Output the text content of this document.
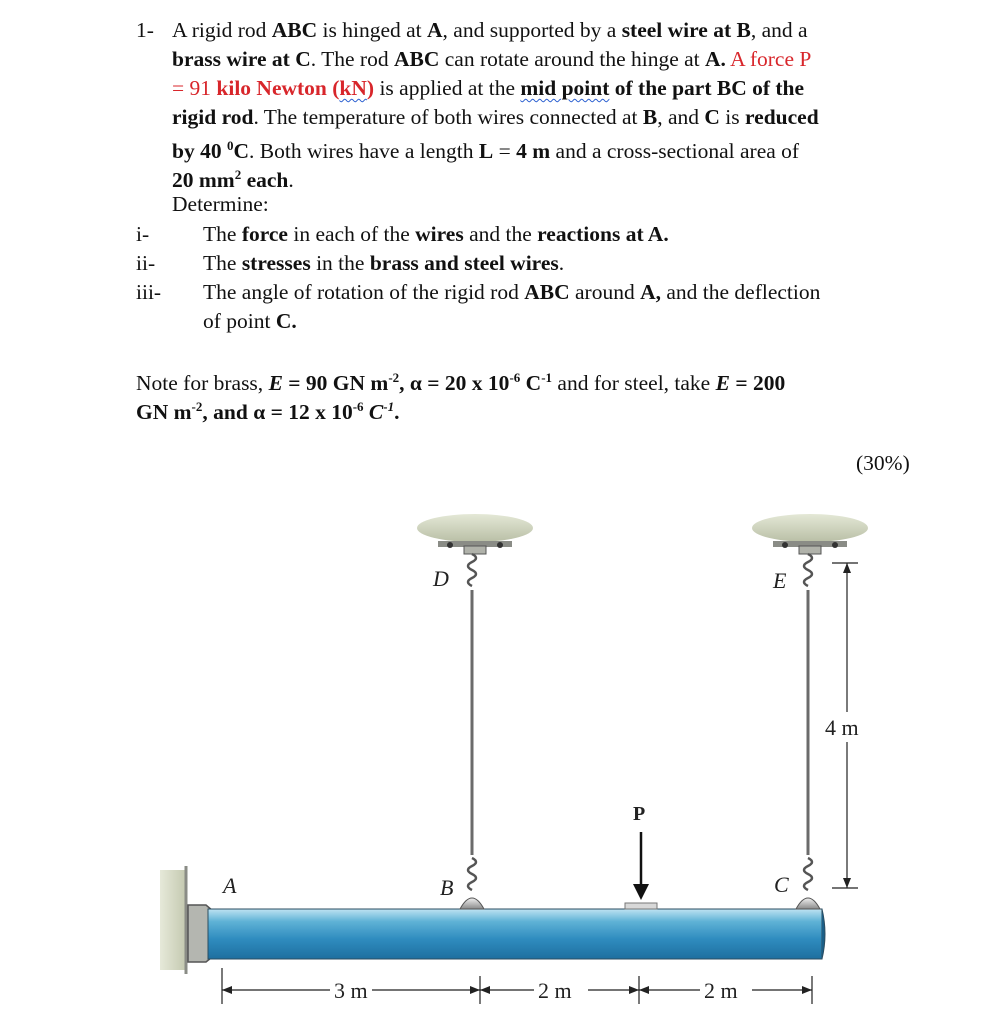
1- A rigid rod ABC is hinged at A, and supported by a steel wire at B, and a
brass wire at C. The rod ABC can rotate around the hinge at A. A force P
= 91 kilo Newton (kN) is applied at the mid point of the part BC of the
rigid rod. The temperature of both wires connected at B, and C is reduced
by 40 $^0$C. Both wires have a length L = 4 m and a cross-sectional area of
20 $mm^2$ each.
Determine:
i-	The force in each of the wires and the reactions at A.
ii- The stresses in the brass and steel wires.
iii- The angle of rotation of the rigid rod ABC around A, and the deflection
of point C.
Note for brass, E = 90 GN $m^{-2}$, α = 20 x $10^{-6}$ $C^{-1}$ and for steel, take E = 200
GN $m^{-2}$, and α = 12 x $10^{-6}$ $C^{-1}$.
(30%)
D	E
A	B	C
P
4 m
3 m	2 m	2 m
